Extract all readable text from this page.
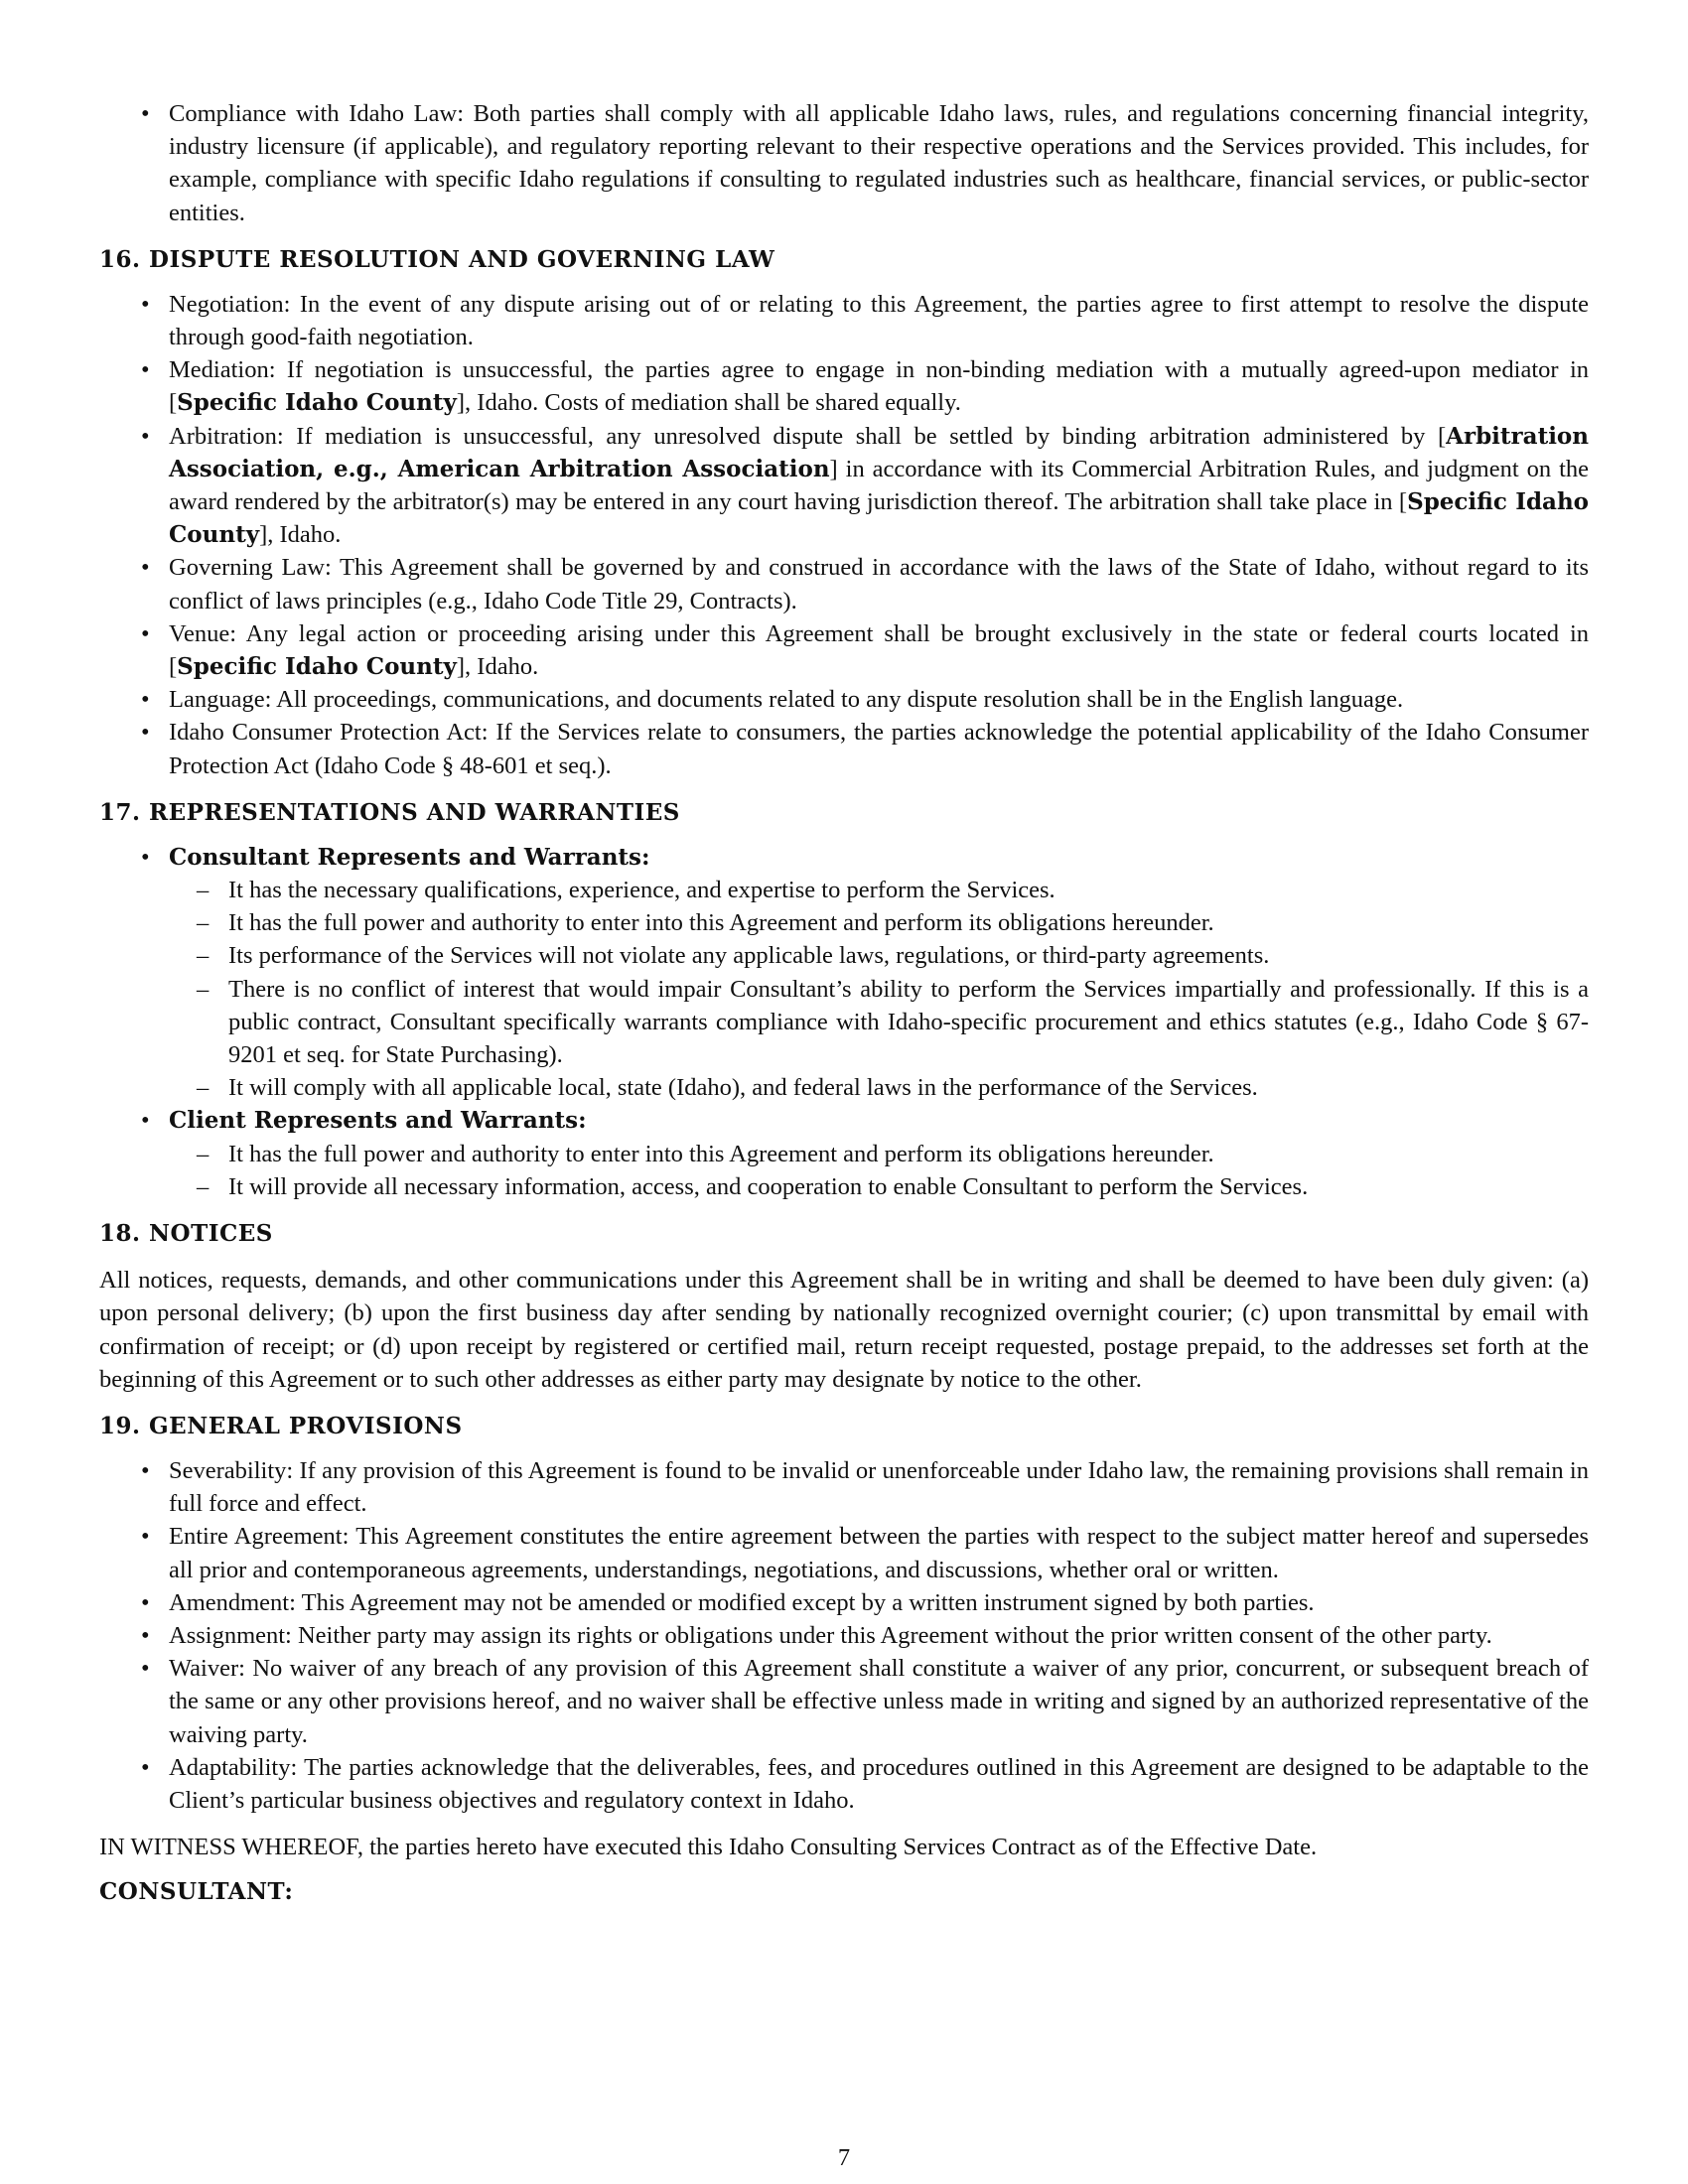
• Compliance with Idaho Law: Both parties shall comply with all applicable Idaho laws, rules, and regulations concerning financial integrity, industry licensure (if applicable), and regulatory reporting relevant to their respective operations and the Services provided. This includes, for example, compliance with specific Idaho regulations if consulting to regulated industries such as healthcare, financial services, or public-sector entities.
16. DISPUTE RESOLUTION AND GOVERNING LAW
• Negotiation: In the event of any dispute arising out of or relating to this Agreement, the parties agree to first attempt to resolve the dispute through good-faith negotiation.
• Mediation: If negotiation is unsuccessful, the parties agree to engage in non-binding mediation with a mutually agreed-upon mediator in [Specific Idaho County], Idaho. Costs of mediation shall be shared equally.
• Arbitration: If mediation is unsuccessful, any unresolved dispute shall be settled by binding arbitration administered by [Arbitration Association, e.g., American Arbitration Association] in accordance with its Commercial Arbitration Rules, and judgment on the award rendered by the arbitrator(s) may be entered in any court having jurisdiction thereof. The arbitration shall take place in [Specific Idaho County], Idaho.
• Governing Law: This Agreement shall be governed by and construed in accordance with the laws of the State of Idaho, without regard to its conflict of laws principles (e.g., Idaho Code Title 29, Contracts).
• Venue: Any legal action or proceeding arising under this Agreement shall be brought exclusively in the state or federal courts located in [Specific Idaho County], Idaho.
• Language: All proceedings, communications, and documents related to any dispute resolution shall be in the English language.
• Idaho Consumer Protection Act: If the Services relate to consumers, the parties acknowledge the potential applicability of the Idaho Consumer Protection Act (Idaho Code § 48-601 et seq.).
17. REPRESENTATIONS AND WARRANTIES
• Consultant Represents and Warrants:
– It has the necessary qualifications, experience, and expertise to perform the Services.
– It has the full power and authority to enter into this Agreement and perform its obligations hereunder.
– Its performance of the Services will not violate any applicable laws, regulations, or third-party agreements.
– There is no conflict of interest that would impair Consultant’s ability to perform the Services impartially and professionally. If this is a public contract, Consultant specifically warrants compliance with Idaho-specific procurement and ethics statutes (e.g., Idaho Code § 67-9201 et seq. for State Purchasing).
– It will comply with all applicable local, state (Idaho), and federal laws in the performance of the Services.
• Client Represents and Warrants:
– It has the full power and authority to enter into this Agreement and perform its obligations hereunder.
– It will provide all necessary information, access, and cooperation to enable Consultant to perform the Services.
18. NOTICES

All notices, requests, demands, and other communications under this Agreement shall be in writing and shall be deemed to have been duly given: (a) upon personal delivery; (b) upon the first business day after sending by nationally recognized overnight courier; (c) upon transmittal by email with confirmation of receipt; or (d) upon receipt by registered or certified mail, return receipt requested, postage prepaid, to the addresses set forth at the beginning of this Agreement or to such other addresses as either party may designate by notice to the other.

19. GENERAL PROVISIONS
• Severability: If any provision of this Agreement is found to be invalid or unenforceable under Idaho law, the remaining provisions shall remain in full force and effect.
• Entire Agreement: This Agreement constitutes the entire agreement between the parties with respect to the subject matter hereof and supersedes all prior and contemporaneous agreements, understandings, negotiations, and discussions, whether oral or written.
• Amendment: This Agreement may not be amended or modified except by a written instrument signed by both parties.
• Assignment: Neither party may assign its rights or obligations under this Agreement without the prior written consent of the other party.
• Waiver: No waiver of any breach of any provision of this Agreement shall constitute a waiver of any prior, concurrent, or subsequent breach of the same or any other provisions hereof, and no waiver shall be effective unless made in writing and signed by an authorized representative of the waiving party.
• Adaptability: The parties acknowledge that the deliverables, fees, and procedures outlined in this Agreement are designed to be adaptable to the Client’s particular business objectives and regulatory context in Idaho.

IN WITNESS WHEREOF, the parties hereto have executed this Idaho Consulting Services Contract as of the Effective Date.

CONSULTANT:
7
